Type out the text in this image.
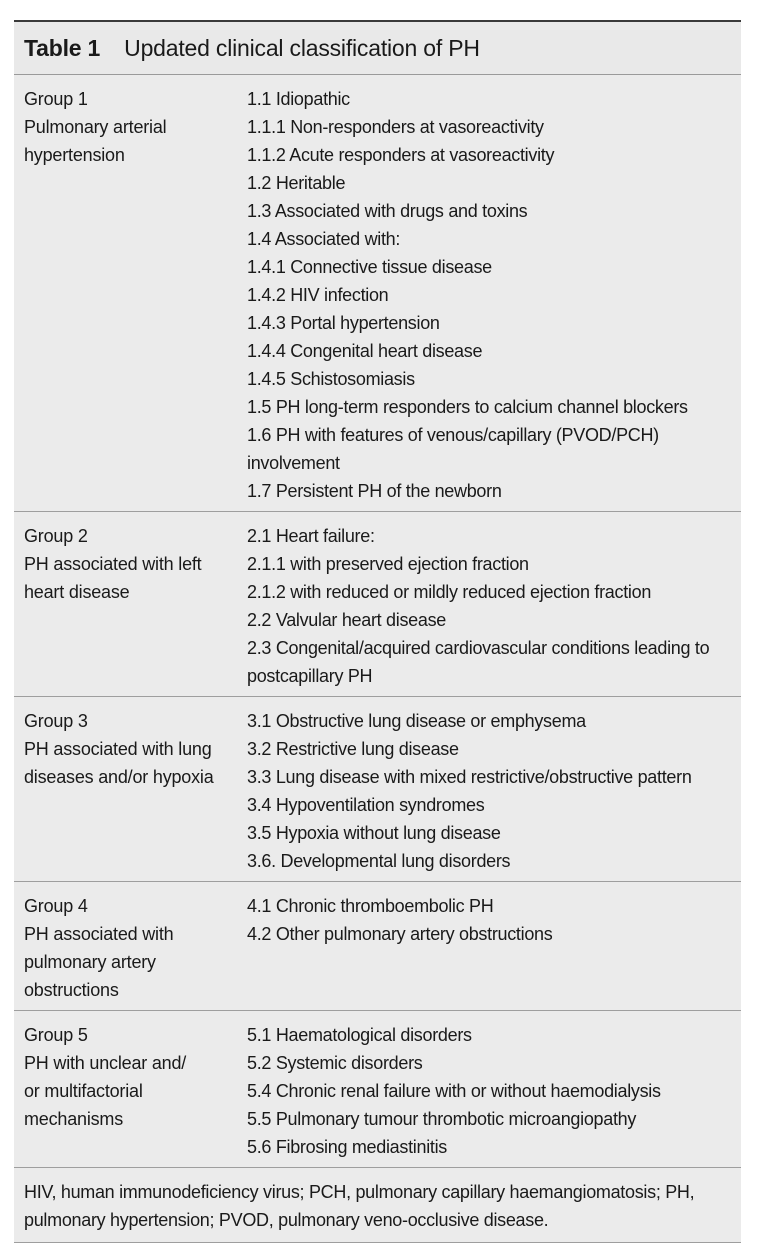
Table 1 Updated clinical classification of PH
Group 1
Pulmonary arterial
hypertension
1.1 Idiopathic
1.1.1 Non-responders at vasoreactivity
1.1.2 Acute responders at vasoreactivity
1.2 Heritable
1.3 Associated with drugs and toxins
1.4 Associated with:
1.4.1 Connective tissue disease
1.4.2 HIV infection
1.4.3 Portal hypertension
1.4.4 Congenital heart disease
1.4.5 Schistosomiasis
1.5 PH long-term responders to calcium channel blockers
1.6 PH with features of venous/capillary (PVOD/PCH) involvement
1.7 Persistent PH of the newborn
Group 2
PH associated with left
heart disease
2.1 Heart failure:
2.1.1 with preserved ejection fraction
2.1.2 with reduced or mildly reduced ejection fraction
2.2 Valvular heart disease
2.3 Congenital/acquired cardiovascular conditions leading to postcapillary PH
Group 3
PH associated with lung
diseases and/or hypoxia
3.1 Obstructive lung disease or emphysema
3.2 Restrictive lung disease
3.3 Lung disease with mixed restrictive/obstructive pattern
3.4 Hypoventilation syndromes
3.5 Hypoxia without lung disease
3.6. Developmental lung disorders
Group 4
PH associated with
pulmonary artery
obstructions
4.1 Chronic thromboembolic PH
4.2 Other pulmonary artery obstructions
Group 5
PH with unclear and/
or multifactorial
mechanisms
5.1 Haematological disorders
5.2 Systemic disorders
5.4 Chronic renal failure with or without haemodialysis
5.5 Pulmonary tumour thrombotic microangiopathy
5.6 Fibrosing mediastinitis
HIV, human immunodeficiency virus; PCH, pulmonary capillary haemangiomatosis; PH, pulmonary hypertension; PVOD, pulmonary veno-occlusive disease.
